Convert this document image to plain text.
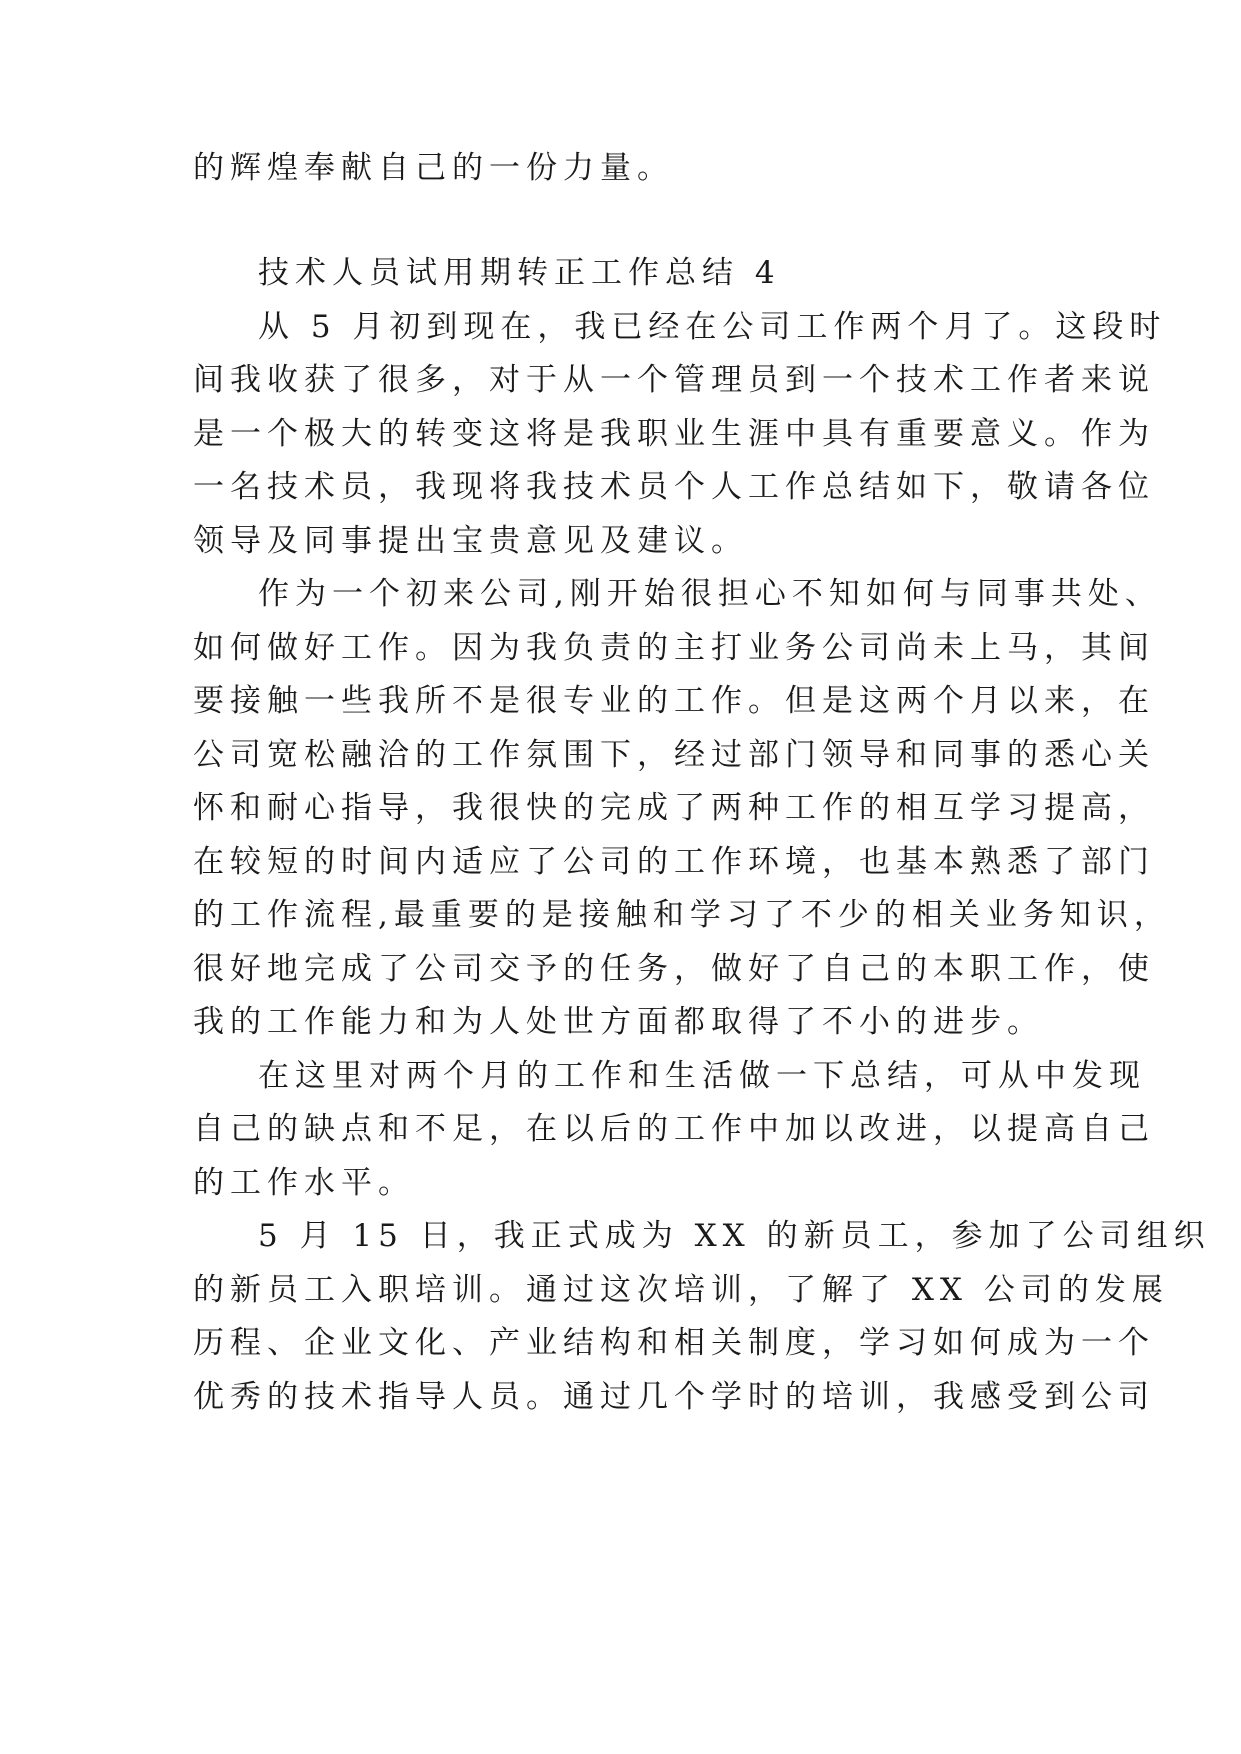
的辉煌奉献自己的一份力量。
技术人员试用期转正工作总结 4
从 5 月初到现在，我已经在公司工作两个月了。这段时
间我收获了很多，对于从一个管理员到一个技术工作者来说
是一个极大的转变这将是我职业生涯中具有重要意义。作为
一名技术员，我现将我技术员个人工作总结如下，敬请各位
领导及同事提出宝贵意见及建议。
作为一个初来公司,刚开始很担心不知如何与同事共处、
如何做好工作。因为我负责的主打业务公司尚未上马，其间
要接触一些我所不是很专业的工作。但是这两个月以来，在
公司宽松融洽的工作氛围下，经过部门领导和同事的悉心关
怀和耐心指导，我很快的完成了两种工作的相互学习提高，
在较短的时间内适应了公司的工作环境，也基本熟悉了部门
的工作流程,最重要的是接触和学习了不少的相关业务知识，
很好地完成了公司交予的任务，做好了自己的本职工作，使
我的工作能力和为人处世方面都取得了不小的进步。
在这里对两个月的工作和生活做一下总结，可从中发现
自己的缺点和不足，在以后的工作中加以改进，以提高自己
的工作水平。
5 月 15 日，我正式成为 XX 的新员工，参加了公司组织
的新员工入职培训。通过这次培训，了解了 XX 公司的发展
历程、企业文化、产业结构和相关制度，学习如何成为一个
优秀的技术指导人员。通过几个学时的培训，我感受到公司
